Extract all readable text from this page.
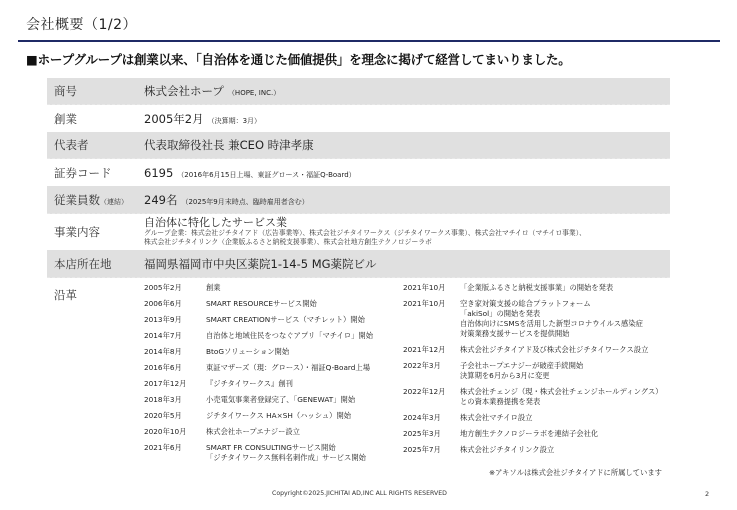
会社概要（1/2）
■ホープグループは創業以来、「自治体を通じた価値提供」を理念に掲げて経営してまいりました。
商号	株式会社ホープ （HOPE, INC.）
創業	2005年2月 （決算期：3月）
代表者	代表取締役社長 兼CEO 時津孝康
証券コード	6195 （2016年6月15日上場、東証グロース・福証Q-Board）
従業員数（連結）	249名 （2025年9月末時点、臨時雇用者含む）
事業内容
自治体に特化したサービス業
グループ企業：株式会社ジチタイアド（広告事業等）、株式会社ジチタイワークス（ジチタイワークス事業）、株式会社マチイロ（マチイロ事業）、
株式会社ジチタイリンク（企業版ふるさと納税支援事業）、株式会社地方創生テクノロジーラボ
本店所在地	福岡県福岡市中央区薬院1-14-5 MG薬院ビル
沿革
2005年2月	創業
2006年6月	SMART RESOURCEサービス開始
2013年9月	SMART CREATIONサービス（マチレット）開始
2014年7月	自治体と地域住民をつなぐアプリ「マチイロ」開始
2014年8月	BtoGソリューション開始
2016年6月	東証マザーズ（現：グロース）・福証Q-Board上場
2017年12月	『ジチタイワークス』創刊
2018年3月	小売電気事業者登録完了、「GENEWAT」開始
2020年5月	ジチタイワークス HA×SH（ハッシュ）開始
2020年10月	株式会社ホープエナジー設立
2021年6月	SMART FR CONSULTINGサービス開始
「ジチタイワークス無料名刺作成」サービス開始
2021年10月	「企業版ふるさと納税支援事業」の開始を発表
2021年10月	空き家対策支援の総合プラットフォーム
「akiSol」の開始を発表
自治体向けにSMSを活用した新型コロナウイルス感染症
対策業務支援サービスを提供開始
2021年12月	株式会社ジチタイアド及び株式会社ジチタイワークス設立
2022年3月	子会社ホープエナジーが破産手続開始
決算期を6月から3月に変更
2022年12月	株式会社チェンジ（現・株式会社チェンジホールディングス）
との資本業務提携を発表
2024年3月	株式会社マチイロ設立
2025年3月	地方創生テクノロジーラボを連結子会社化
2025年7月	株式会社ジチタイリンク設立
※アキソルは株式会社ジチタイアドに所属しています
Copyright©2025.JICHITAI AD,INC ALL RIGHTS RESERVED	2
